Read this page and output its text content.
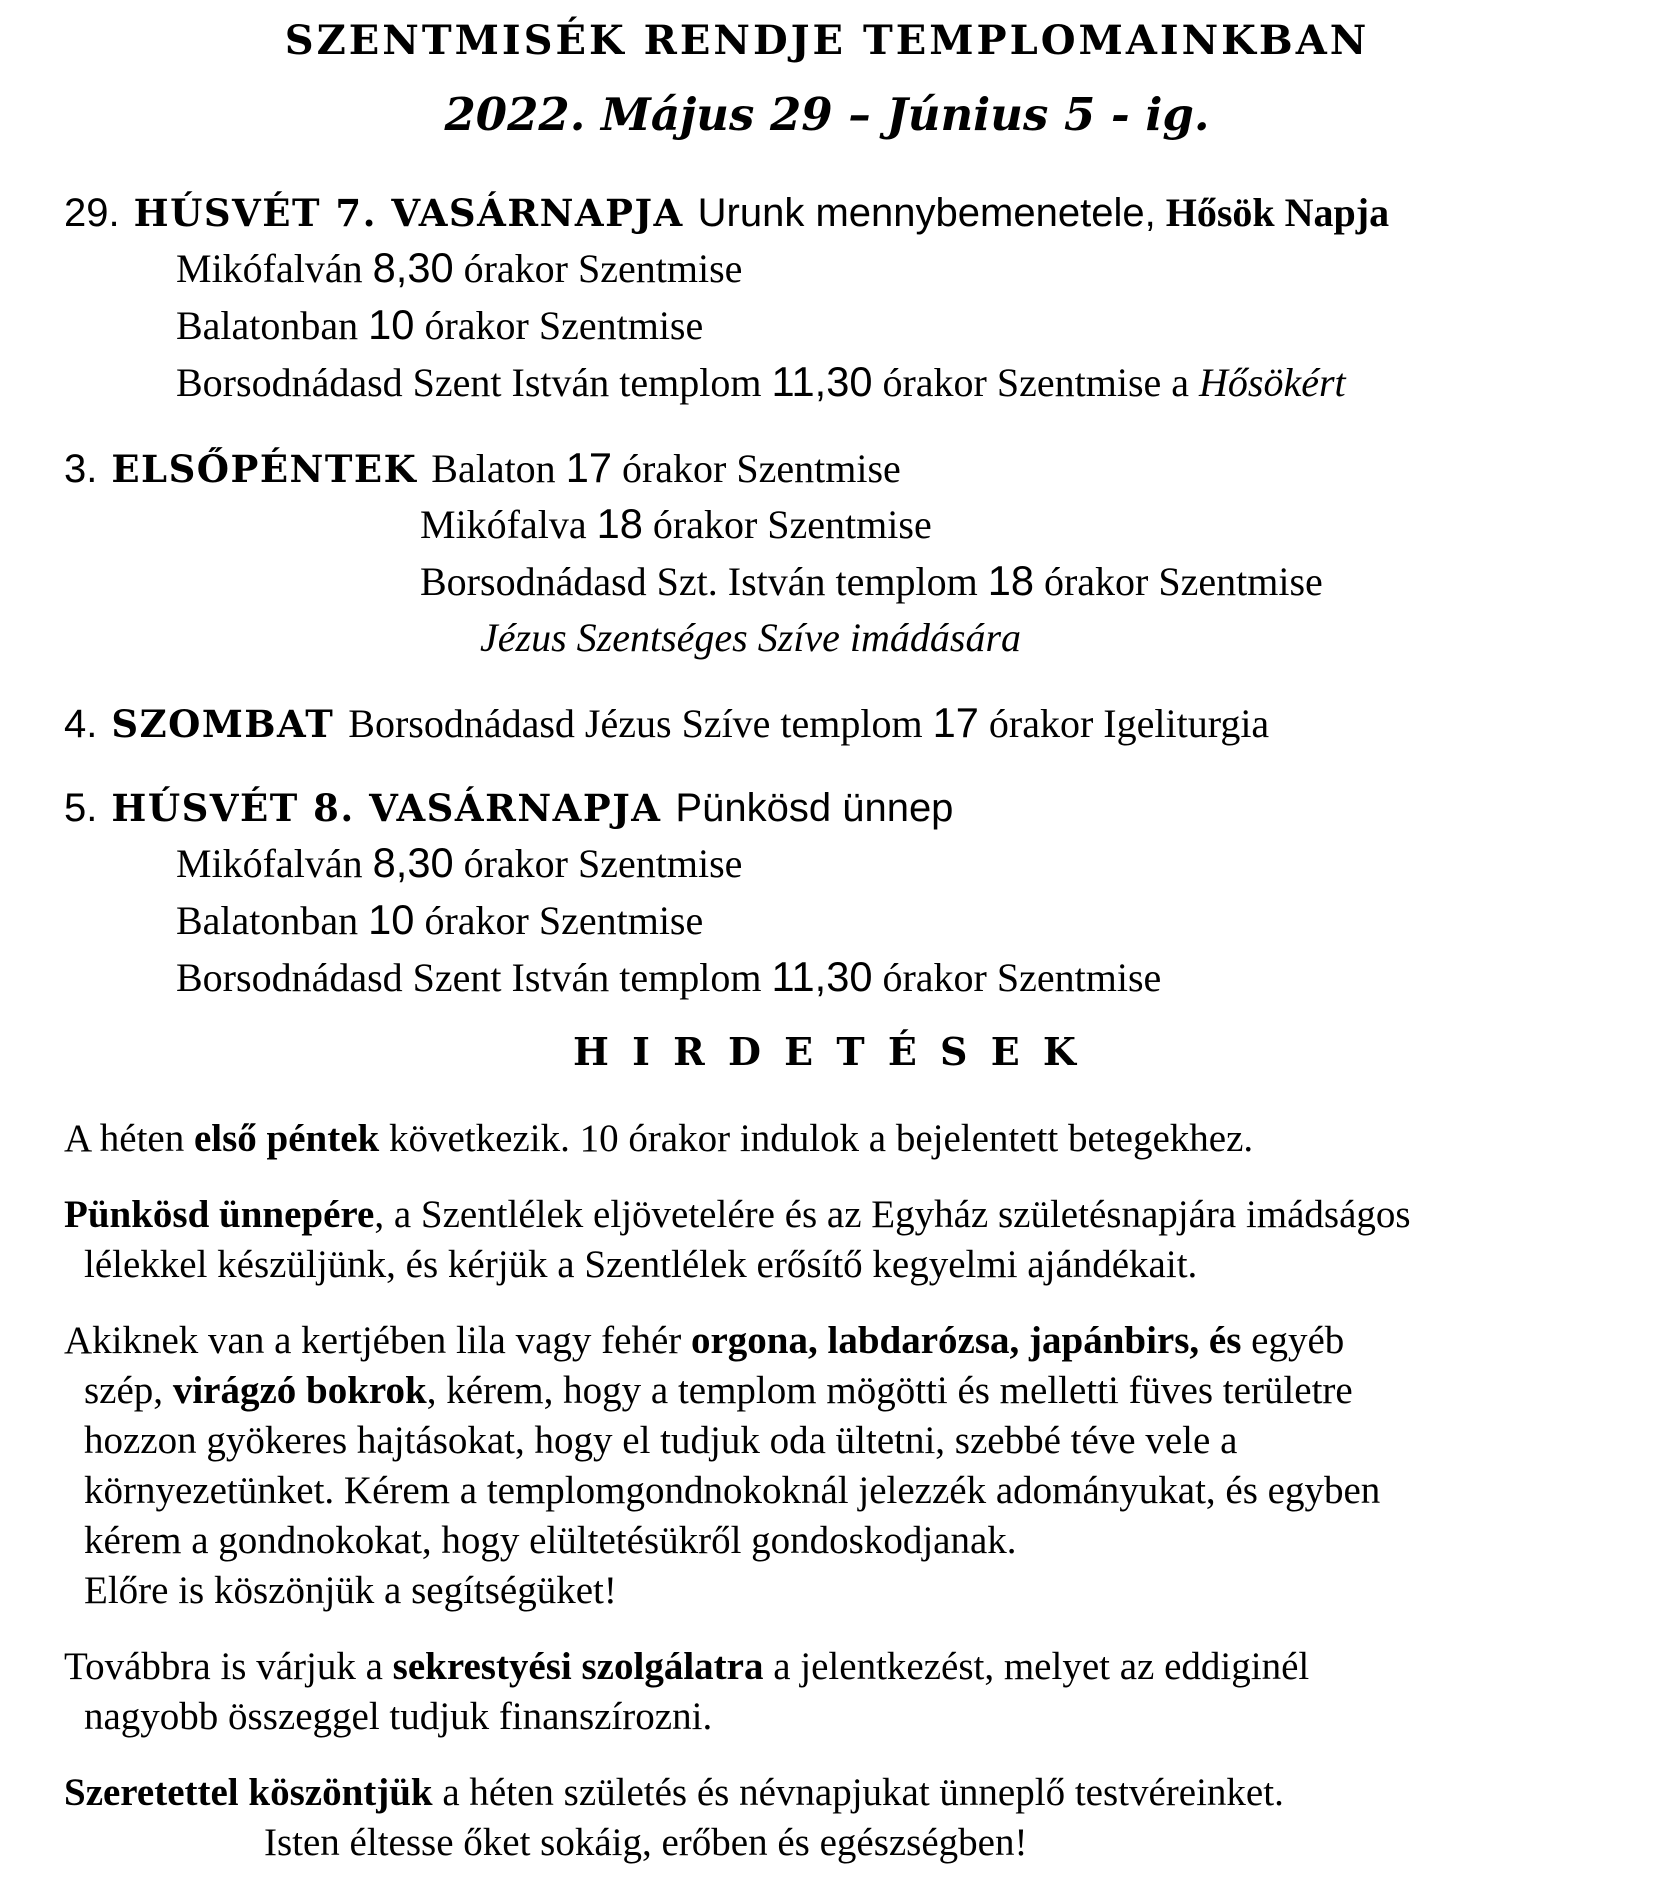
SZENTMISÉK RENDJE TEMPLOMAINKBAN
2022. Május 29 – Június 5 - ig.
29. HÚSVÉT 7. VASÁRNAPJA Urunk mennybemenetele, Hősök Napja
Mikófalván 8,30 órakor Szentmise
Balatonban 10 órakor Szentmise
Borsodnádasd Szent István templom 11,30 órakor Szentmise a Hősökért
3. ELSŐPÉNTEK Balaton 17 órakor Szentmise
Mikófalva 18 órakor Szentmise
Borsodnádasd Szt. István templom 18 órakor Szentmise
Jézus Szentséges Szíve imádására
4. SZOMBAT Borsodnádasd Jézus Szíve templom 17 órakor Igeliturgia
5. HÚSVÉT 8. VASÁRNAPJA Pünkösd ünnep
Mikófalván 8,30 órakor Szentmise
Balatonban 10 órakor Szentmise
Borsodnádasd Szent István templom 11,30 órakor Szentmise
H I R D E T É S E K
A héten első péntek következik. 10 órakor indulok a bejelentett betegekhez.
Pünkösd ünnepére, a Szentlélek eljövetelére és az Egyház születésnapjára imádságos
lélekkel készüljünk, és kérjük a Szentlélek erősítő kegyelmi ajándékait.
Akiknek van a kertjében lila vagy fehér orgona, labdarózsa, japánbirs, és egyéb
szép, virágzó bokrok, kérem, hogy a templom mögötti és melletti füves területre
hozzon gyökeres hajtásokat, hogy el tudjuk oda ültetni, szebbé téve vele a
környezetünket. Kérem a templomgondnokoknál jelezzék adományukat, és egyben
kérem a gondnokokat, hogy elültetésükről gondoskodjanak.
Előre is köszönjük a segítségüket!
Továbbra is várjuk a sekrestyési szolgálatra a jelentkezést, melyet az eddiginél
nagyobb összeggel tudjuk finanszírozni.
Szeretettel köszöntjük a héten születés és névnapjukat ünneplő testvéreinket.
Isten éltesse őket sokáig, erőben és egészségben!
